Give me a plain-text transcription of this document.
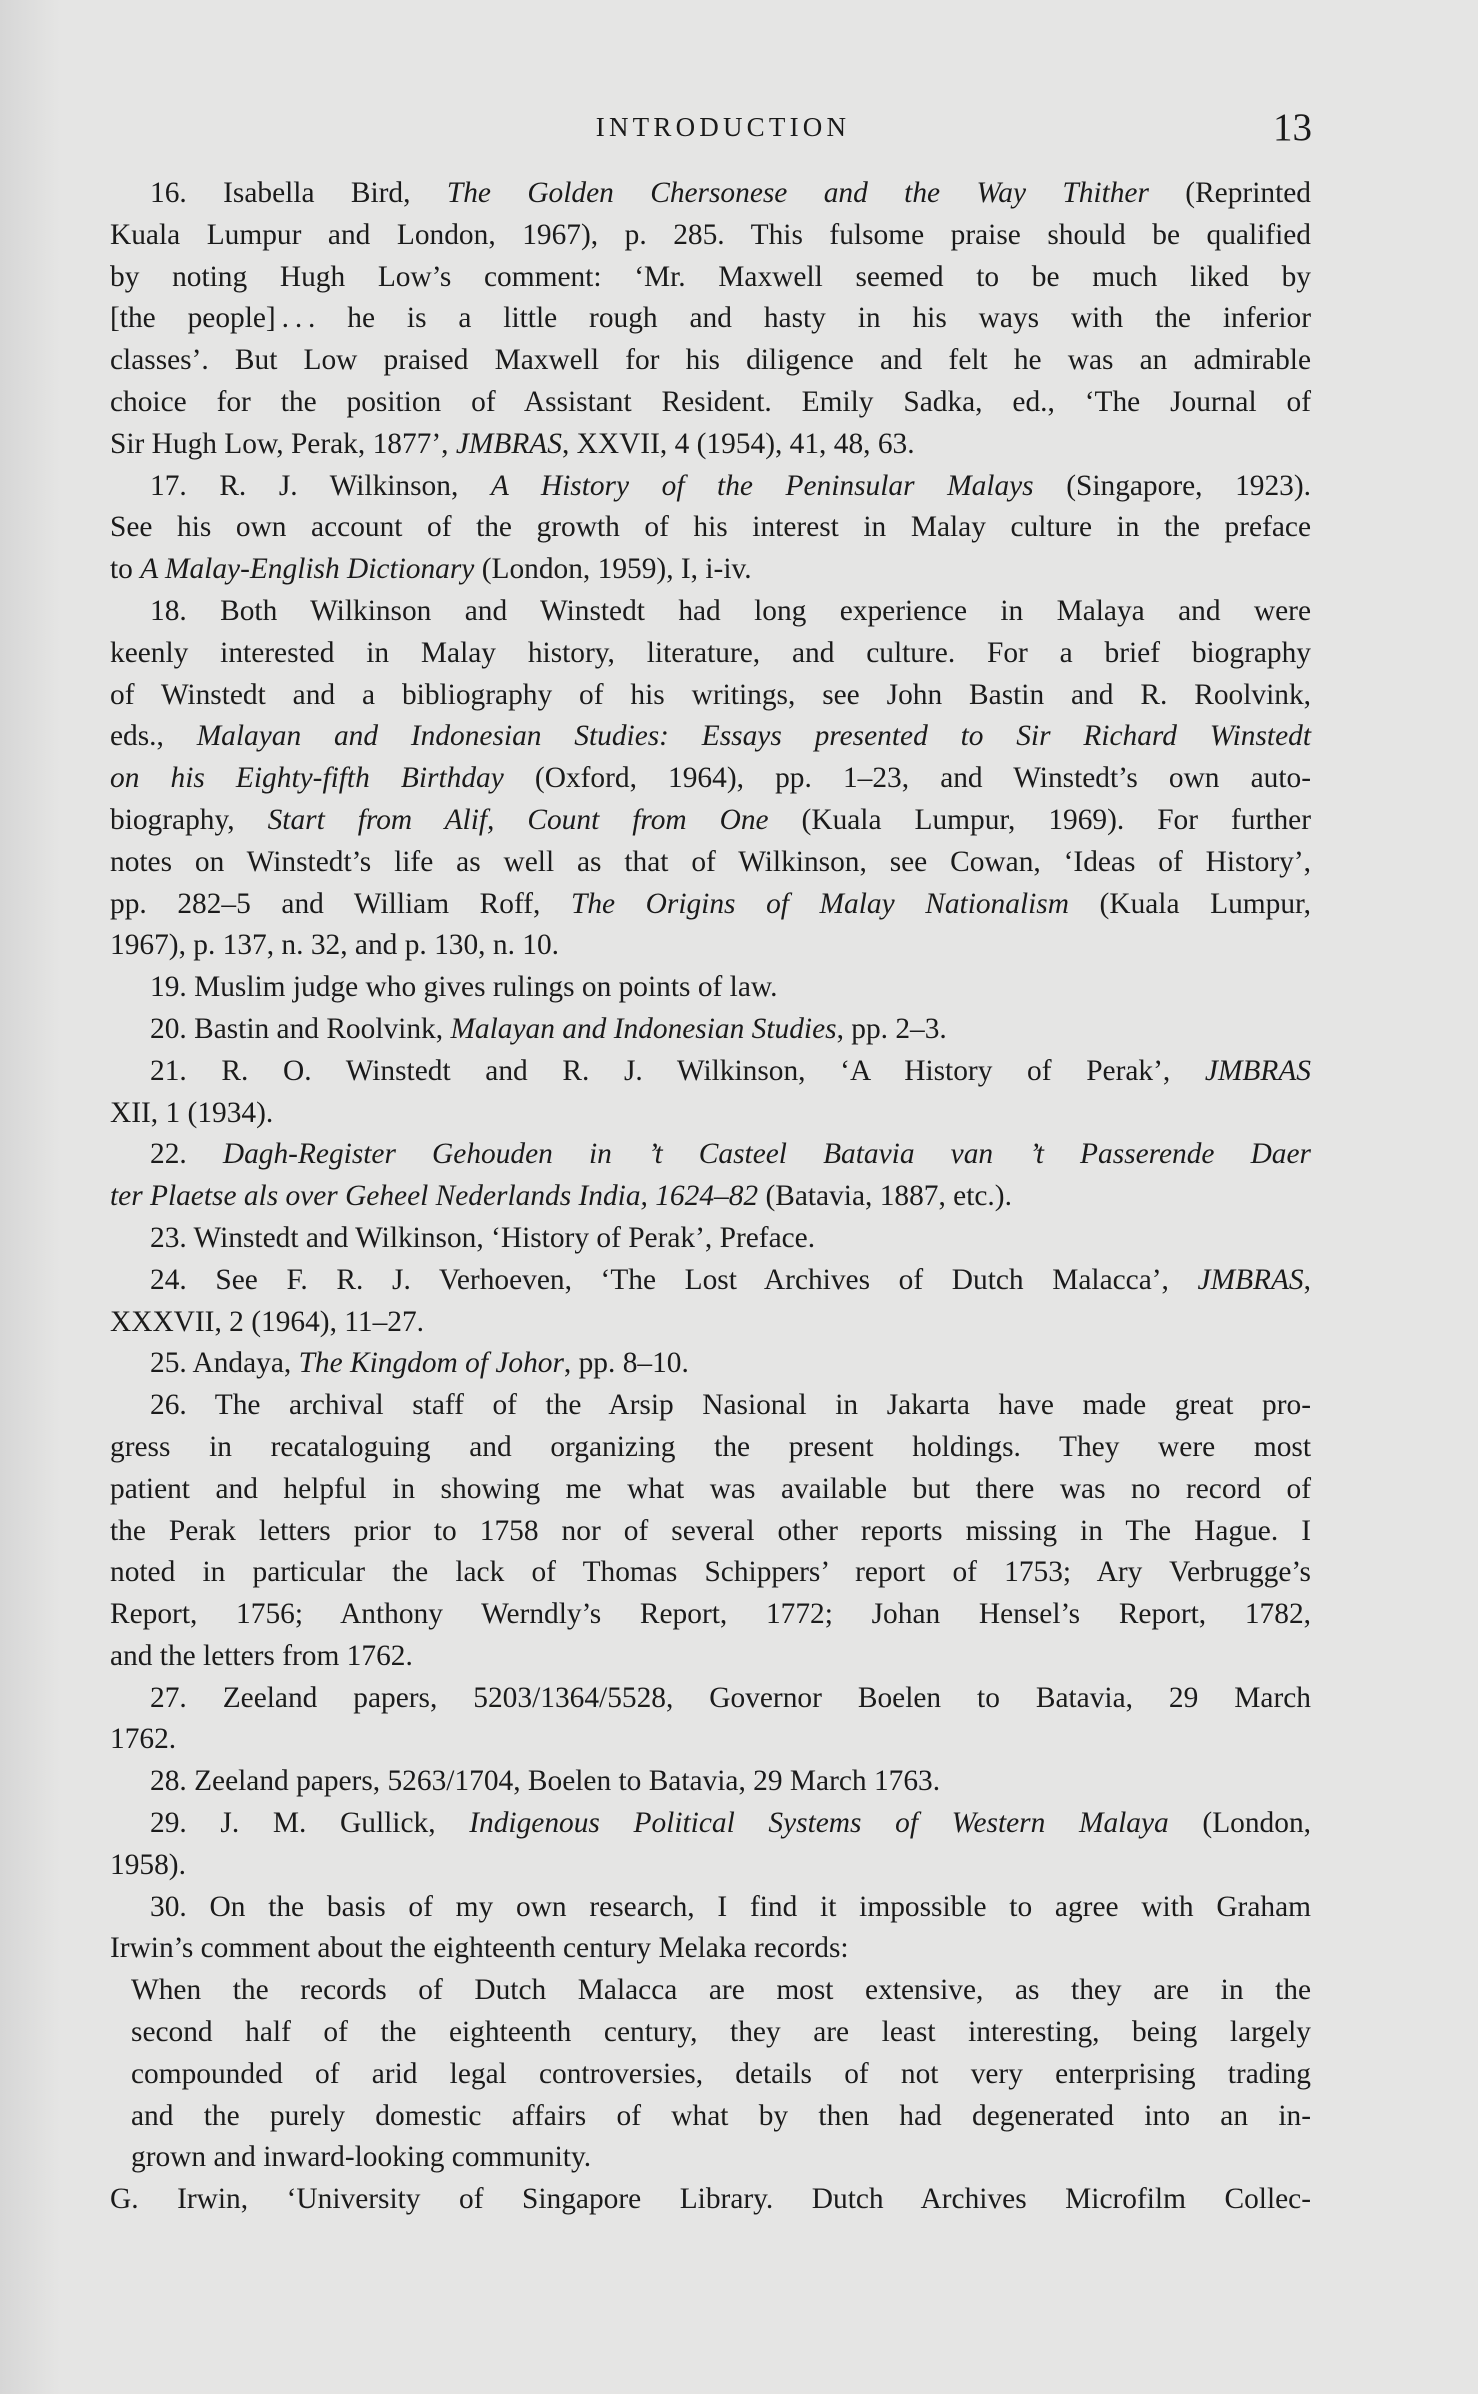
INTRODUCTION	13
16. Isabella Bird, The Golden Chersonese and the Way Thither (Reprinted
Kuala Lumpur and London, 1967), p. 285. This fulsome praise should be qualified
by noting Hugh Low’s comment: ‘Mr. Maxwell seemed to be much liked by
[the people] . . . he is a little rough and hasty in his ways with the inferior
classes’. But Low praised Maxwell for his diligence and felt he was an admirable
choice for the position of Assistant Resident. Emily Sadka, ed., ‘The Journal of
Sir Hugh Low, Perak, 1877’, JMBRAS, XXVII, 4 (1954), 41, 48, 63.
17. R. J. Wilkinson, A History of the Peninsular Malays (Singapore, 1923).
See his own account of the growth of his interest in Malay culture in the preface
to A Malay-English Dictionary (London, 1959), I, i-iv.
18. Both Wilkinson and Winstedt had long experience in Malaya and were
keenly interested in Malay history, literature, and culture. For a brief biography
of Winstedt and a bibliography of his writings, see John Bastin and R. Roolvink,
eds., Malayan and Indonesian Studies: Essays presented to Sir Richard Winstedt
on his Eighty-fifth Birthday (Oxford, 1964), pp. 1–23, and Winstedt’s own auto-
biography, Start from Alif, Count from One (Kuala Lumpur, 1969). For further
notes on Winstedt’s life as well as that of Wilkinson, see Cowan, ‘Ideas of History’,
pp. 282–5 and William Roff, The Origins of Malay Nationalism (Kuala Lumpur,
1967), p. 137, n. 32, and p. 130, n. 10.
19. Muslim judge who gives rulings on points of law.
20. Bastin and Roolvink, Malayan and Indonesian Studies, pp. 2–3.
21. R. O. Winstedt and R. J. Wilkinson, ‘A History of Perak’, JMBRAS
XII, 1 (1934).
22. Dagh-Register Gehouden in ’t Casteel Batavia van ’t Passerende Daer
ter Plaetse als over Geheel Nederlands India, 1624–82 (Batavia, 1887, etc.).
23. Winstedt and Wilkinson, ‘History of Perak’, Preface.
24. See F. R. J. Verhoeven, ‘The Lost Archives of Dutch Malacca’, JMBRAS,
XXXVII, 2 (1964), 11–27.
25. Andaya, The Kingdom of Johor, pp. 8–10.
26. The archival staff of the Arsip Nasional in Jakarta have made great pro-
gress in recataloguing and organizing the present holdings. They were most
patient and helpful in showing me what was available but there was no record of
the Perak letters prior to 1758 nor of several other reports missing in The Hague. I
noted in particular the lack of Thomas Schippers’ report of 1753; Ary Verbrugge’s
Report, 1756; Anthony Werndly’s Report, 1772; Johan Hensel’s Report, 1782,
and the letters from 1762.
27. Zeeland papers, 5203/1364/5528, Governor Boelen to Batavia, 29 March
1762.
28. Zeeland papers, 5263/1704, Boelen to Batavia, 29 March 1763.
29. J. M. Gullick, Indigenous Political Systems of Western Malaya (London,
1958).
30. On the basis of my own research, I find it impossible to agree with Graham
Irwin’s comment about the eighteenth century Melaka records:
When the records of Dutch Malacca are most extensive, as they are in the
second half of the eighteenth century, they are least interesting, being largely
compounded of arid legal controversies, details of not very enterprising trading
and the purely domestic affairs of what by then had degenerated into an in-
grown and inward-looking community.
G. Irwin, ‘University of Singapore Library. Dutch Archives Microfilm Collec-
